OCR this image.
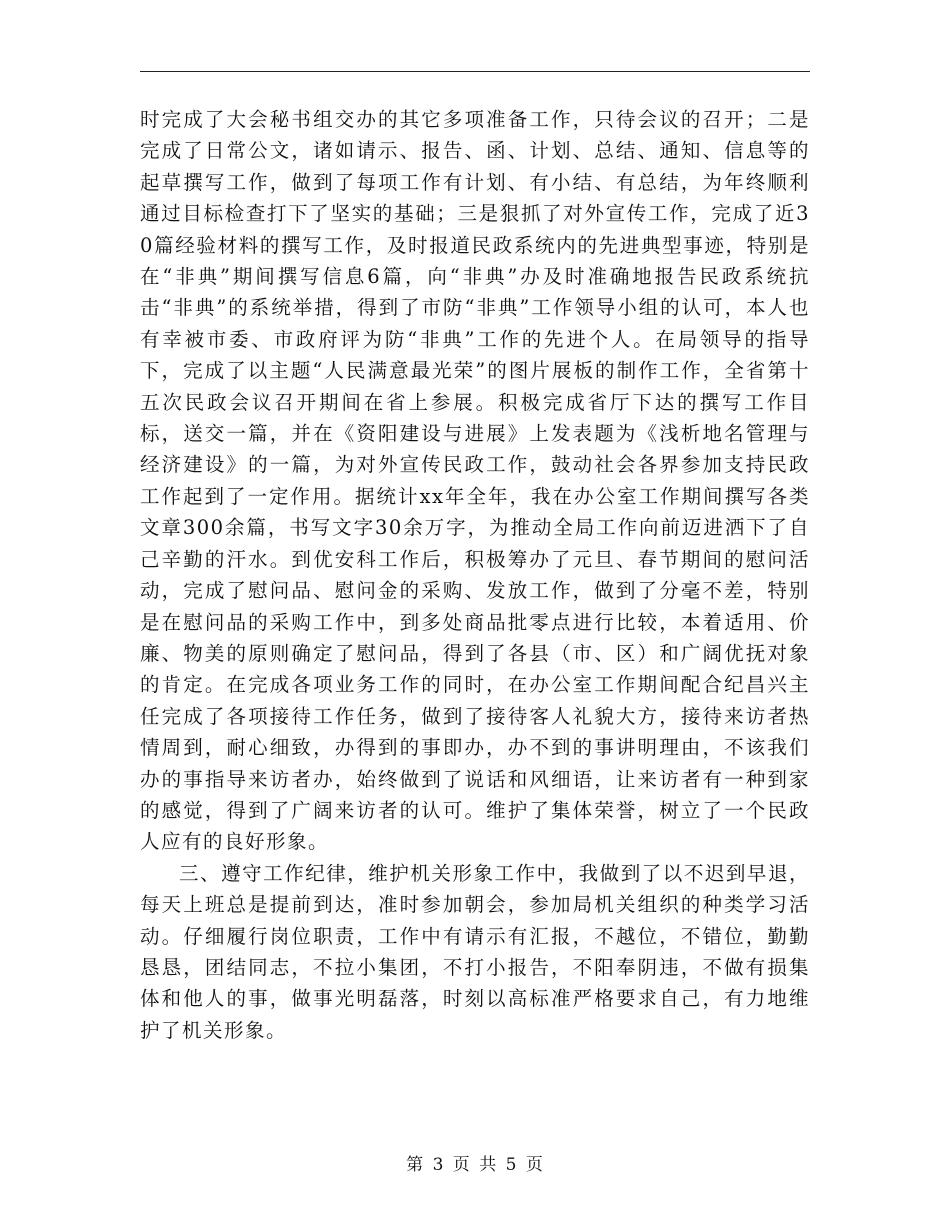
时完成了大会秘书组交办的其它多项准备工作，只待会议的召开；二是完成了日常公文，诸如请示、报告、函、计划、总结、通知、信息等的起草撰写工作，做到了每项工作有计划、有小结、有总结，为年终顺利通过目标检查打下了坚实的基础；三是狠抓了对外宣传工作，完成了近30篇经验材料的撰写工作，及时报道民政系统内的先进典型事迹，特别是在“非典”期间撰写信息6篇，向“非典”办及时准确地报告民政系统抗击“非典”的系统举措，得到了市防“非典”工作领导小组的认可，本人也有幸被市委、市政府评为防“非典”工作的先进个人。在局领导的指导下，完成了以主题“人民满意最光荣”的图片展板的制作工作，全省第十五次民政会议召开期间在省上参展。积极完成省厅下达的撰写工作目标，送交一篇，并在《资阳建设与进展》上发表题为《浅析地名管理与经济建设》的一篇，为对外宣传民政工作，鼓动社会各界参加支持民政工作起到了一定作用。据统计xx年全年，我在办公室工作期间撰写各类文章300余篇，书写文字30余万字，为推动全局工作向前迈进洒下了自己辛勤的汗水。到优安科工作后，积极筹办了元旦、春节期间的慰问活动，完成了慰问品、慰问金的采购、发放工作，做到了分毫不差，特别是在慰问品的采购工作中，到多处商品批零点进行比较，本着适用、价廉、物美的原则确定了慰问品，得到了各县（市、区）和广阔优抚对象的肯定。在完成各项业务工作的同时，在办公室工作期间配合纪昌兴主任完成了各项接待工作任务，做到了接待客人礼貌大方，接待来访者热情周到，耐心细致，办得到的事即办，办不到的事讲明理由，不该我们办的事指导来访者办，始终做到了说话和风细语，让来访者有一种到家的感觉，得到了广阔来访者的认可。维护了集体荣誉，树立了一个民政人应有的良好形象。

三、遵守工作纪律，维护机关形象工作中，我做到了以不迟到早退，每天上班总是提前到达，准时参加朝会，参加局机关组织的种类学习活动。仔细履行岗位职责，工作中有请示有汇报，不越位，不错位，勤勤恳恳，团结同志，不拉小集团，不打小报告，不阳奉阴违，不做有损集体和他人的事，做事光明磊落，时刻以高标准严格要求自己，有力地维护了机关形象。

第 3 页 共 5 页
